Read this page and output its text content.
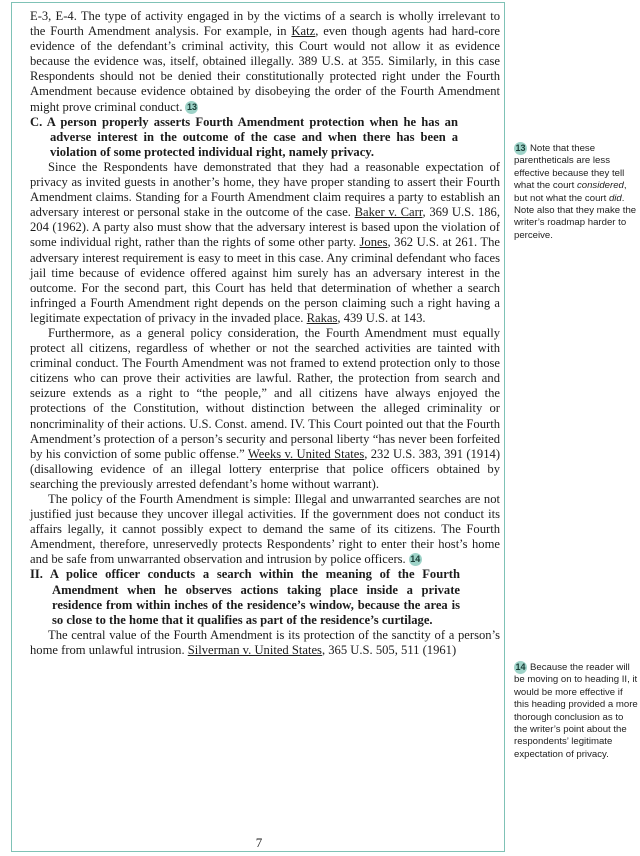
E-3, E-4. The type of activity engaged in by the victims of a search is wholly irrelevant to the Fourth Amendment analysis. For example, in Katz, even though agents had hard-core evidence of the defendant’s criminal activity, this Court would not allow it as evidence because the evidence was, itself, obtained illegally. 389 U.S. at 355. Similarly, in this case Respondents should not be denied their constitutionally protected right under the Fourth Amendment because evidence obtained by disobeying the order of the Fourth Amendment might prove criminal conduct. 13

C. A person properly asserts Fourth Amendment protection when he has an adverse interest in the outcome of the case and when there has been a violation of some protected individual right, namely privacy.

Since the Respondents have demonstrated that they had a reasonable expectation of privacy as invited guests in another’s home, they have proper standing to assert their Fourth Amendment claims. Standing for a Fourth Amendment claim requires a party to establish an adversary interest or personal stake in the outcome of the case. Baker v. Carr, 369 U.S. 186, 204 (1962). A party also must show that the adversary interest is based upon the violation of some individual right, rather than the rights of some other party. Jones, 362 U.S. at 261. The adversary interest requirement is easy to meet in this case. Any criminal defendant who faces jail time because of evidence offered against him surely has an adversary interest in the outcome. For the second part, this Court has held that determination of whether a search infringed a Fourth Amendment right depends on the person claiming such a right having a legitimate expectation of privacy in the invaded place. Rakas, 439 U.S. at 143.

Furthermore, as a general policy consideration, the Fourth Amendment must equally protect all citizens, regardless of whether or not the searched activities are tainted with criminal conduct. The Fourth Amendment was not framed to extend protection only to those citizens who can prove their activities are lawful. Rather, the protection from search and seizure extends as a right to “the people,” and all citizens have always enjoyed the protections of the Constitution, without distinction between the alleged criminality or noncriminality of their actions. U.S. Const. amend. IV. This Court pointed out that the Fourth Amendment’s protection of a person’s security and personal liberty “has never been forfeited by his conviction of some public offense.” Weeks v. United States, 232 U.S. 383, 391 (1914) (disallowing evidence of an illegal lottery enterprise that police officers obtained by searching the previously arrested defendant’s home without warrant).

The policy of the Fourth Amendment is simple: Illegal and unwarranted searches are not justified just because they uncover illegal activities. If the government does not conduct its affairs legally, it cannot possibly expect to demand the same of its citizens. The Fourth Amendment, therefore, unreservedly protects Respondents’ right to enter their host’s home and be safe from unwarranted observation and intrusion by police officers. 14

II. A police officer conducts a search within the meaning of the Fourth Amendment when he observes actions taking place inside a private residence from within inches of the residence’s window, because the area is so close to the home that it qualifies as part of the residence’s curtilage.

The central value of the Fourth Amendment is its protection of the sanctity of a person’s home from unlawful intrusion. Silverman v. United States, 365 U.S. 505, 511 (1961)

7
13 Note that these parentheticals are less effective because they tell what the court considered, but not what the court did. Note also that they make the writer’s roadmap harder to perceive.
14 Because the reader will be moving on to heading II, it would be more effective if this heading provided a more thorough conclusion as to the writer’s point about the respondents’ legitimate expectation of privacy.
